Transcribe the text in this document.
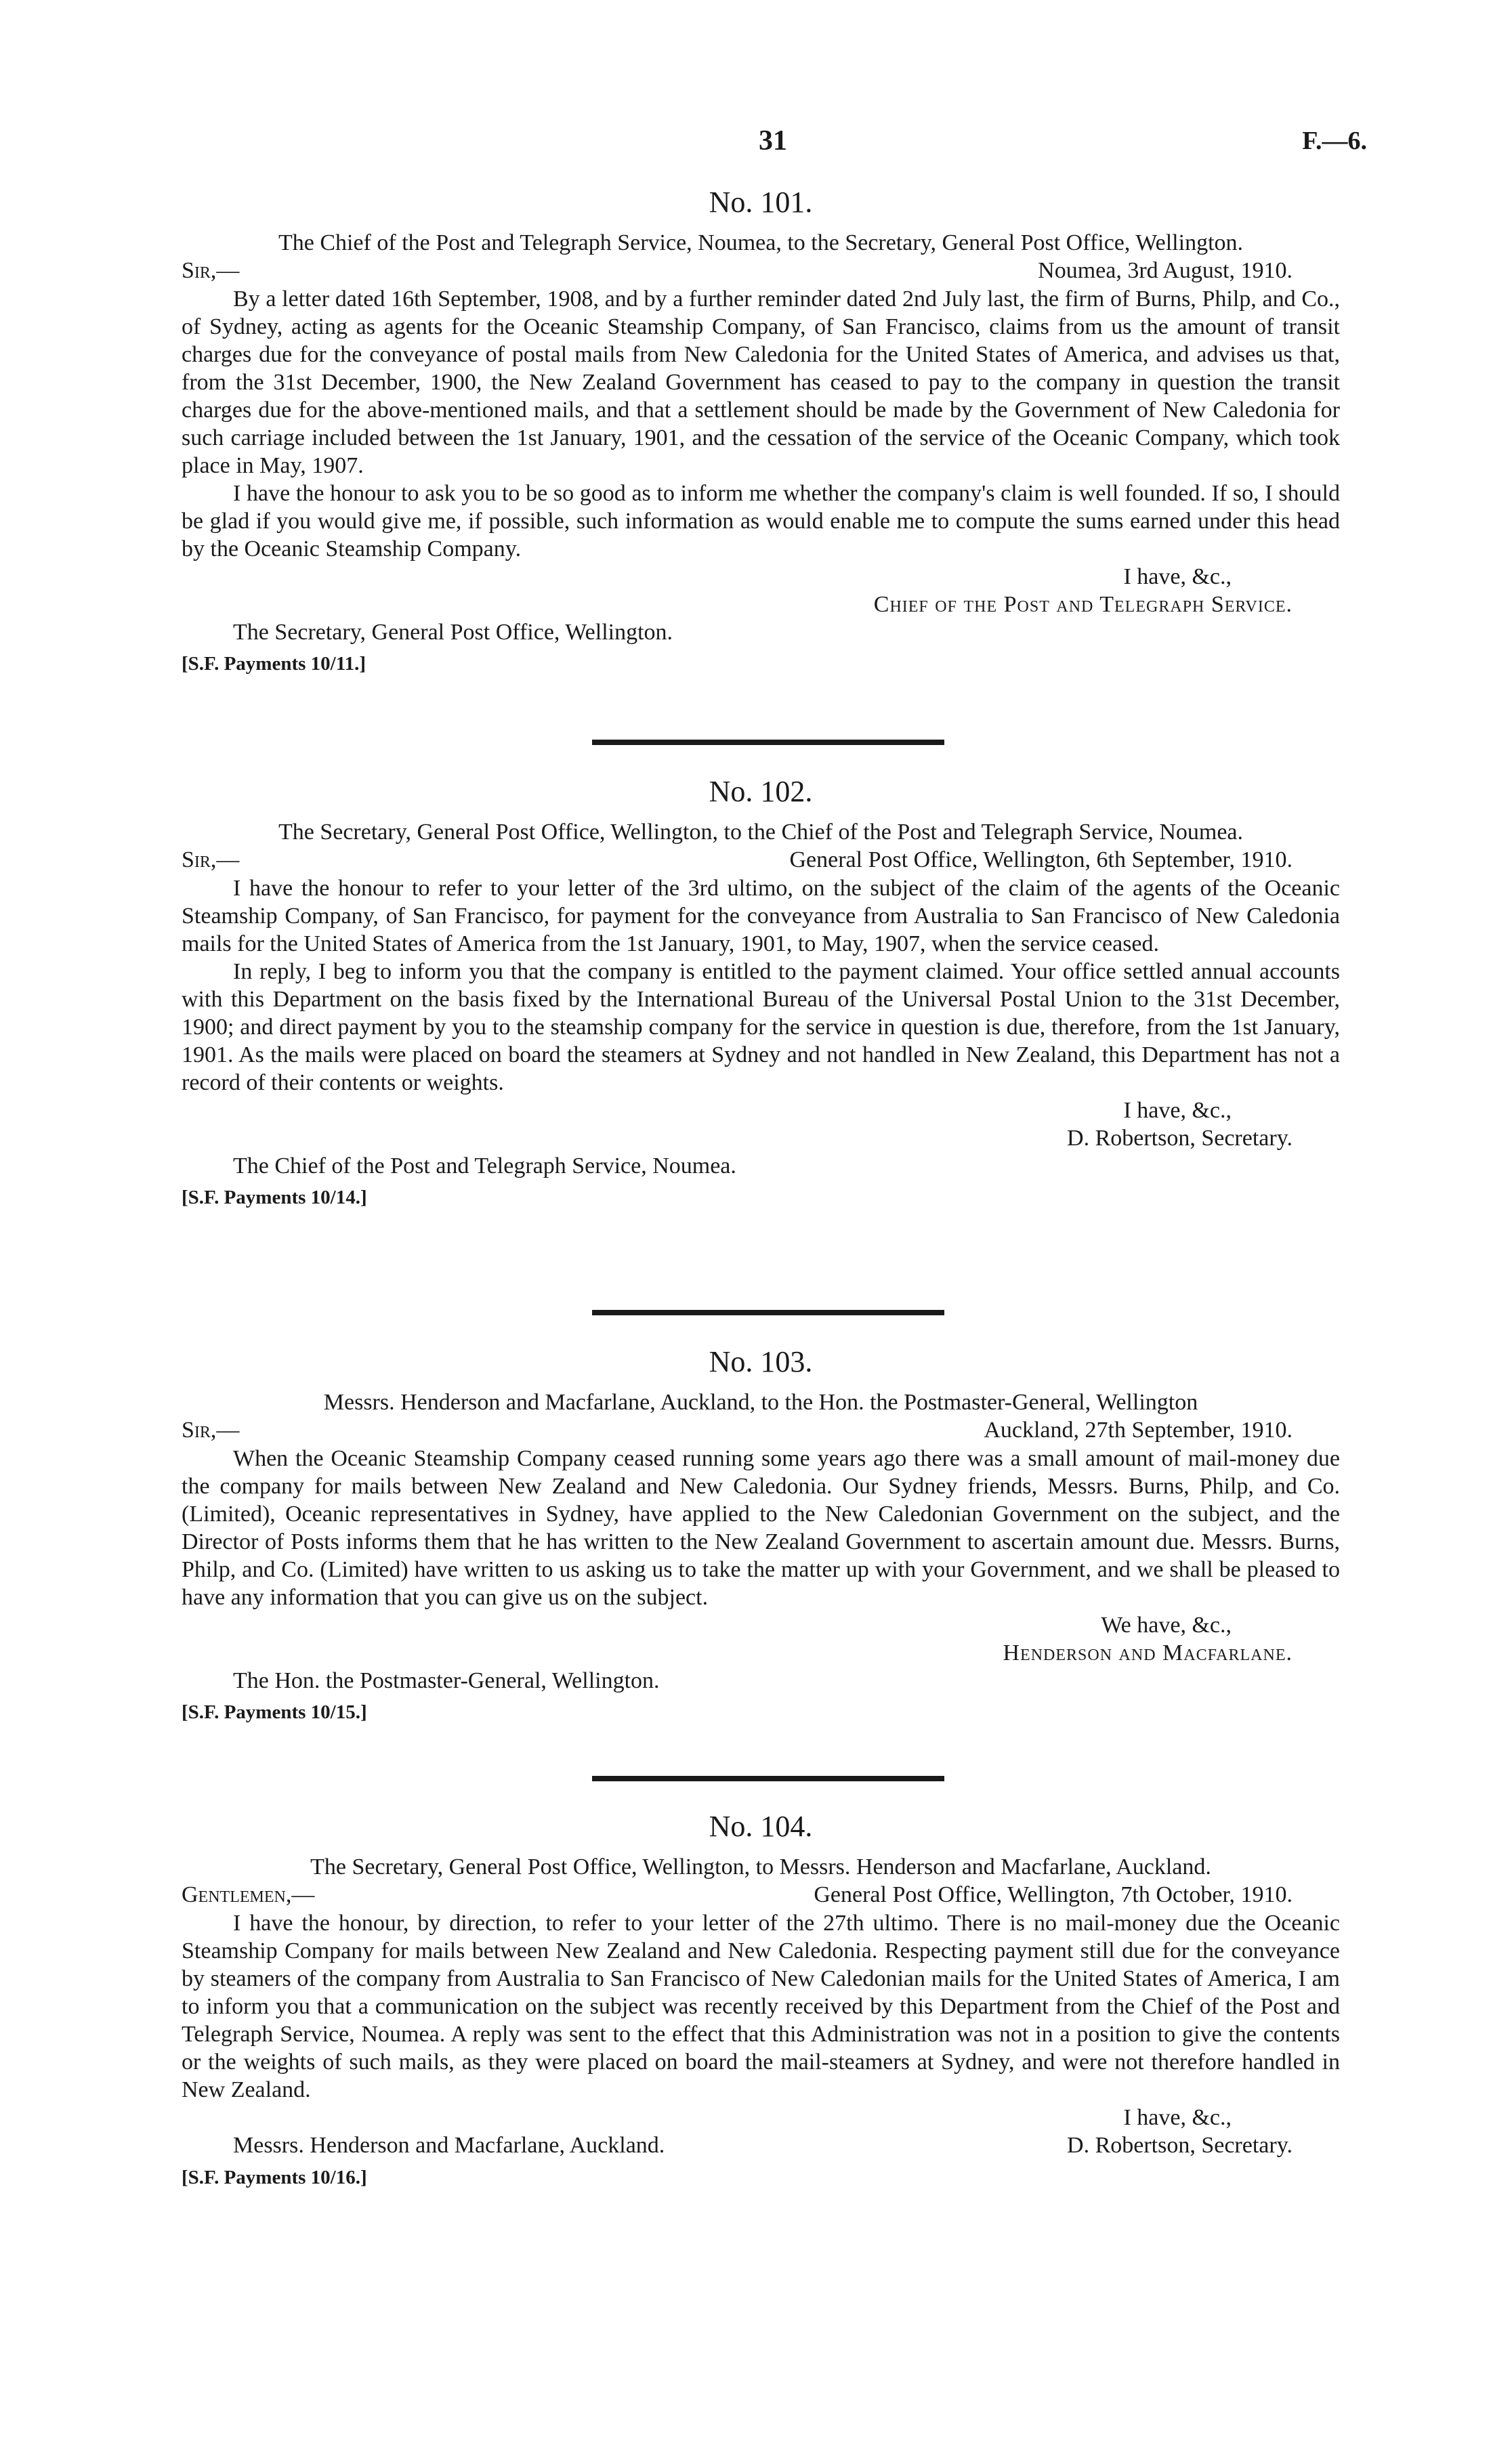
31	F.—6.
No. 101.
The Chief of the Post and Telegraph Service, Noumea, to the Secretary, General Post Office, Wellington.
Sir,—	Noumea, 3rd August, 1910.

By a letter dated 16th September, 1908, and by a further reminder dated 2nd July last, the firm of Burns, Philp, and Co., of Sydney, acting as agents for the Oceanic Steamship Company, of San Francisco, claims from us the amount of transit charges due for the conveyance of postal mails from New Caledonia for the United States of America, and advises us that, from the 31st December, 1900, the New Zealand Government has ceased to pay to the company in question the transit charges due for the above-mentioned mails, and that a settlement should be made by the Government of New Caledonia for such carriage included between the 1st January, 1901, and the cessation of the service of the Oceanic Company, which took place in May, 1907.

I have the honour to ask you to be so good as to inform me whether the company's claim is well founded. If so, I should be glad if you would give me, if possible, such information as would enable me to compute the sums earned under this head by the Oceanic Steamship Company.

I have, &c.,
Chief of the Post and Telegraph Service.
The Secretary, General Post Office, Wellington.
[S.F. Payments 10/11.]
No. 102.
The Secretary, General Post Office, Wellington, to the Chief of the Post and Telegraph Service, Noumea.
Sir,—	General Post Office, Wellington, 6th September, 1910.

I have the honour to refer to your letter of the 3rd ultimo, on the subject of the claim of the agents of the Oceanic Steamship Company, of San Francisco, for payment for the conveyance from Australia to San Francisco of New Caledonia mails for the United States of America from the 1st January, 1901, to May, 1907, when the service ceased.

In reply, I beg to inform you that the company is entitled to the payment claimed. Your office settled annual accounts with this Department on the basis fixed by the International Bureau of the Universal Postal Union to the 31st December, 1900; and direct payment by you to the steamship company for the service in question is due, therefore, from the 1st January, 1901. As the mails were placed on board the steamers at Sydney and not handled in New Zealand, this Department has not a record of their contents or weights.

I have, &c.,
D. Robertson, Secretary.
The Chief of the Post and Telegraph Service, Noumea.
[S.F. Payments 10/14.]
No. 103.
Messrs. Henderson and Macfarlane, Auckland, to the Hon. the Postmaster-General, Wellington
Sir,—	Auckland, 27th September, 1910.

When the Oceanic Steamship Company ceased running some years ago there was a small amount of mail-money due the company for mails between New Zealand and New Caledonia. Our Sydney friends, Messrs. Burns, Philp, and Co. (Limited), Oceanic representatives in Sydney, have applied to the New Caledonian Government on the subject, and the Director of Posts informs them that he has written to the New Zealand Government to ascertain amount due. Messrs. Burns, Philp, and Co. (Limited) have written to us asking us to take the matter up with your Government, and we shall be pleased to have any information that you can give us on the subject.

We have, &c.,
Henderson and Macfarlane.
The Hon. the Postmaster-General, Wellington.
[S.F. Payments 10/15.]
No. 104.
The Secretary, General Post Office, Wellington, to Messrs. Henderson and Macfarlane, Auckland.
Gentlemen,—	General Post Office, Wellington, 7th October, 1910.

I have the honour, by direction, to refer to your letter of the 27th ultimo. There is no mail-money due the Oceanic Steamship Company for mails between New Zealand and New Caledonia. Respecting payment still due for the conveyance by steamers of the company from Australia to San Francisco of New Caledonian mails for the United States of America, I am to inform you that a communication on the subject was recently received by this Department from the Chief of the Post and Telegraph Service, Noumea. A reply was sent to the effect that this Administration was not in a position to give the contents or the weights of such mails, as they were placed on board the mail-steamers at Sydney, and were not therefore handled in New Zealand.

I have, &c.,
Messrs. Henderson and Macfarlane, Auckland.	D. Robertson, Secretary.
[S.F. Payments 10/16.]
